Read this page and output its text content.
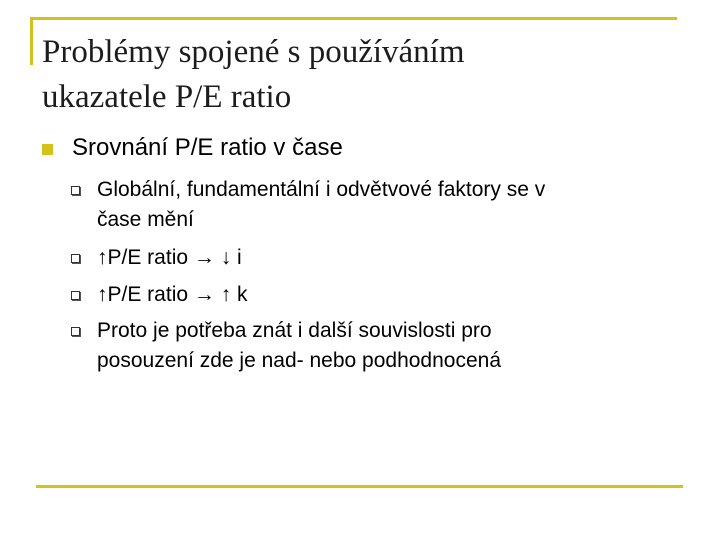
Problémy spojené s používáním
ukazatele P/E ratio
Srovnání P/E ratio v čase
Globální, fundamentální i odvětvové faktory se v
čase mění
↑P/E ratio → ↓ i
↑P/E ratio → ↑ k
Proto je potřeba znát i další souvislosti pro
posouzení zde je nad- nebo podhodnocená
